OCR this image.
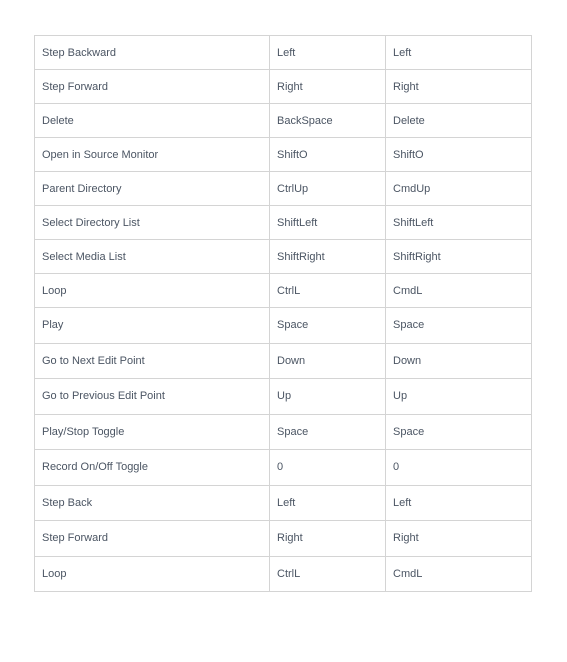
Step Backward	Left	Left
Step Forward	Right	Right
Delete	BackSpace	Delete
Open in Source Monitor	ShiftO	ShiftO
Parent Directory	CtrlUp	CmdUp
Select Directory List	ShiftLeft	ShiftLeft
Select Media List	ShiftRight	ShiftRight
Loop	CtrlL	CmdL
Play	Space	Space
Go to Next Edit Point	Down	Down
Go to Previous Edit Point	Up	Up
Play/Stop Toggle	Space	Space
Record On/Off Toggle	0	0
Step Back	Left	Left
Step Forward	Right	Right
Loop	CtrlL	CmdL
